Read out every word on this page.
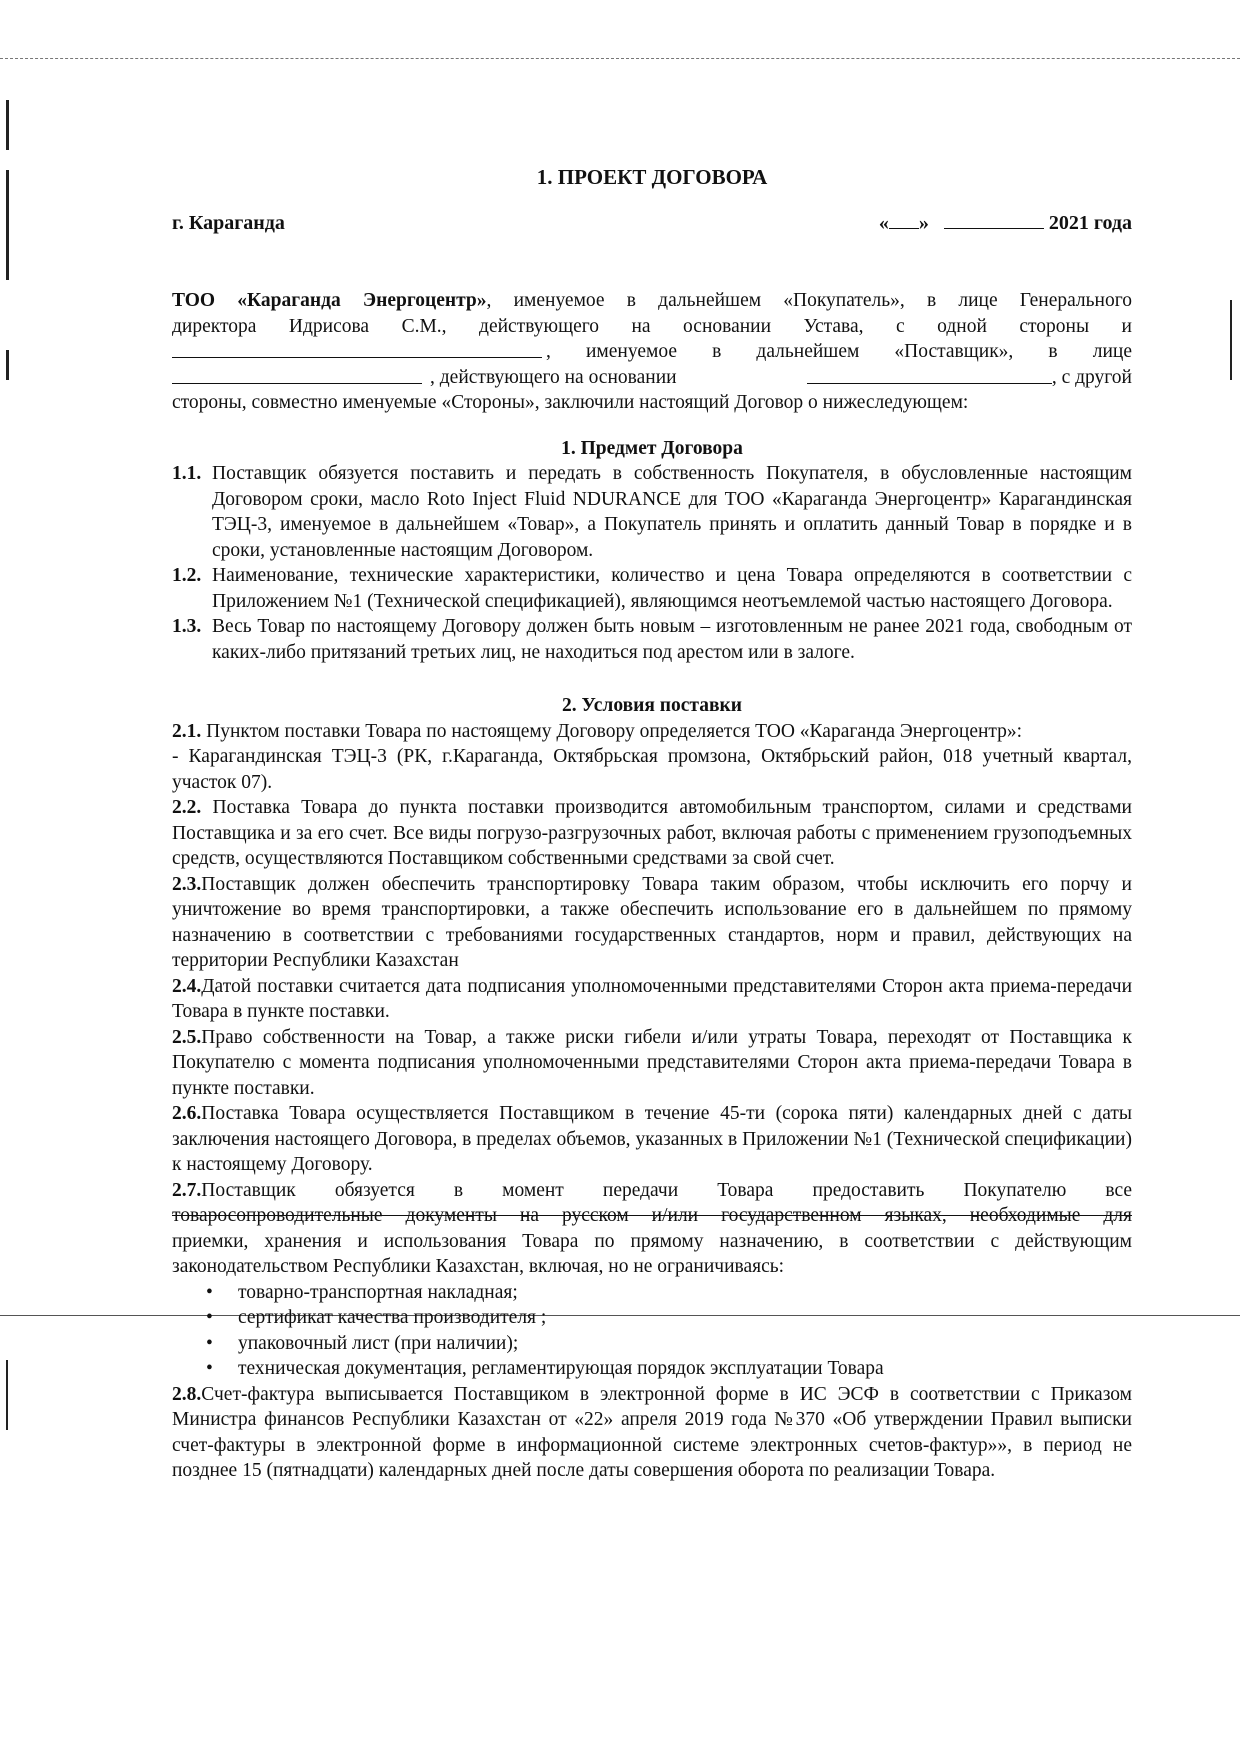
1. ПРОЕКТ ДОГОВОРА
г. Караганда	« »	2021 года

ТОО «Караганда Энергоцентр», именуемое в дальнейшем «Покупатель», в лице Генерального

директора Идрисова С.М., действующего на основании Устава, с одной стороны и

, именуемое в дальнейшем «Поставщик», в лице

, действующего на основании	, с другой

стороны, совместно именуемые «Стороны», заключили настоящий Договор о нижеследующем:

1. Предмет Договора
1.1. Поставщик обязуется поставить и передать в собственность Покупателя, в обусловленные настоящим Договором сроки, масло Roto Inject Fluid NDURANCE для ТОО «Караганда Энергоцентр» Карагандинская ТЭЦ-3, именуемое в дальнейшем «Товар», а Покупатель принять и оплатить данный Товар в порядке и в сроки, установленные настоящим Договором.
1.2. Наименование, технические характеристики, количество и цена Товара определяются в соответствии с Приложением №1 (Технической спецификацией), являющимся неотъемлемой частью настоящего Договора.
1.3. Весь Товар по настоящему Договору должен быть новым – изготовленным не ранее 2021 года, свободным от каких-либо притязаний третьих лиц, не находиться под арестом или в залоге.
2. Условия поставки

2.1. Пунктом поставки Товара по настоящему Договору определяется ТОО «Караганда Энергоцентр»:

- Карагандинская ТЭЦ-3 (РК, г.Караганда, Октябрьская промзона, Октябрьский район, 018 учетный квартал, участок 07).

2.2. Поставка Товара до пункта поставки производится автомобильным транспортом, силами и средствами Поставщика и за его счет. Все виды погрузо-разгрузочных работ, включая работы с применением грузоподъемных средств, осуществляются Поставщиком собственными средствами за свой счет.

2.3.Поставщик должен обеспечить транспортировку Товара таким образом, чтобы исключить его порчу и уничтожение во время транспортировки, а также обеспечить использование его в дальнейшем по прямому назначению в соответствии с требованиями государственных стандартов, норм и правил, действующих на территории Республики Казахстан

2.4.Датой поставки считается дата подписания уполномоченными представителями Сторон акта приема-передачи Товара в пункте поставки.

2.5.Право собственности на Товар, а также риски гибели и/или утраты Товара, переходят от Поставщика к Покупателю с момента подписания уполномоченными представителями Сторон акта приема-передачи Товара в пункте поставки.

2.6.Поставка Товара осуществляется Поставщиком в течение 45-ти (сорока пяти) календарных дней с даты заключения настоящего Договора, в пределах объемов, указанных в Приложении №1 (Технической спецификации) к настоящему Договору.

2.7.Поставщик обязуется в момент передачи Товара предоставить Покупателю все

товаросопроводительные документы на русском и/или государственном языках, необходимые для

приемки, хранения и использования Товара по прямому назначению, в соответствии с действующим законодательством Республики Казахстан, включая, но не ограничиваясь:

•	товарно-транспортная накладная;
•	сертификат качества производителя ;
•	упаковочный лист (при наличии);
•	техническая документация, регламентирующая порядок эксплуатации Товара

2.8.Счет-фактура выписывается Поставщиком в электронной форме в ИС ЭСФ в соответствии с Приказом Министра финансов Республики Казахстан от «22» апреля 2019 года №370 «Об утверждении Правил выписки счет-фактуры в электронной форме в информационной системе электронных счетов-фактур»», в период не позднее 15 (пятнадцати) календарных дней после даты совершения оборота по реализации Товара.
